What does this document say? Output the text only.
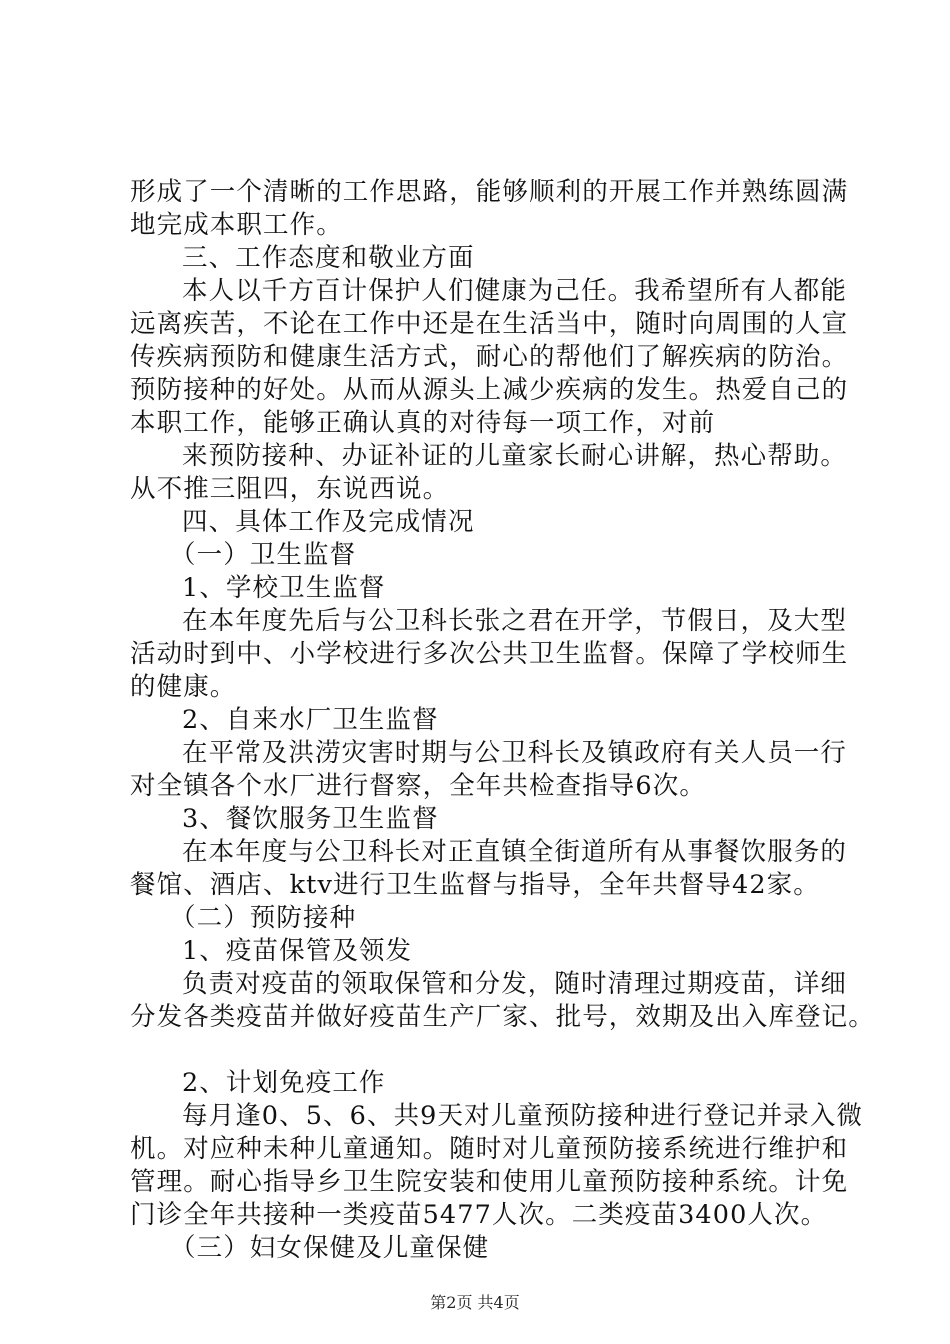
形成了一个清晰的工作思路，能够顺利的开展工作并熟练圆满
地完成本职工作。
三、工作态度和敬业方面
本人以千方百计保护人们健康为己任。我希望所有人都能
远离疾苦，不论在工作中还是在生活当中，随时向周围的人宣
传疾病预防和健康生活方式，耐心的帮他们了解疾病的防治。
预防接种的好处。从而从源头上减少疾病的发生。热爱自己的
本职工作，能够正确认真的对待每一项工作，对前
来预防接种、办证补证的儿童家长耐心讲解，热心帮助。
从不推三阻四，东说西说。
四、具体工作及完成情况
（一）卫生监督
1、学校卫生监督
在本年度先后与公卫科长张之君在开学，节假日，及大型
活动时到中、小学校进行多次公共卫生监督。保障了学校师生
的健康。
2、自来水厂卫生监督
在平常及洪涝灾害时期与公卫科长及镇政府有关人员一行
对全镇各个水厂进行督察，全年共检查指导6次。
3、餐饮服务卫生监督
在本年度与公卫科长对正直镇全街道所有从事餐饮服务的
餐馆、酒店、ktv进行卫生监督与指导，全年共督导42家。
（二）预防接种
1、疫苗保管及领发
负责对疫苗的领取保管和分发，随时清理过期疫苗，详细
分发各类疫苗并做好疫苗生产厂家、批号，效期及出入库登记。
2、计划免疫工作
每月逢0、5、6、共9天对儿童预防接种进行登记并录入微
机。对应种未种儿童通知。随时对儿童预防接系统进行维护和
管理。耐心指导乡卫生院安装和使用儿童预防接种系统。计免
门诊全年共接种一类疫苗5477人次。二类疫苗3400人次。
（三）妇女保健及儿童保健
第2页 共4页
